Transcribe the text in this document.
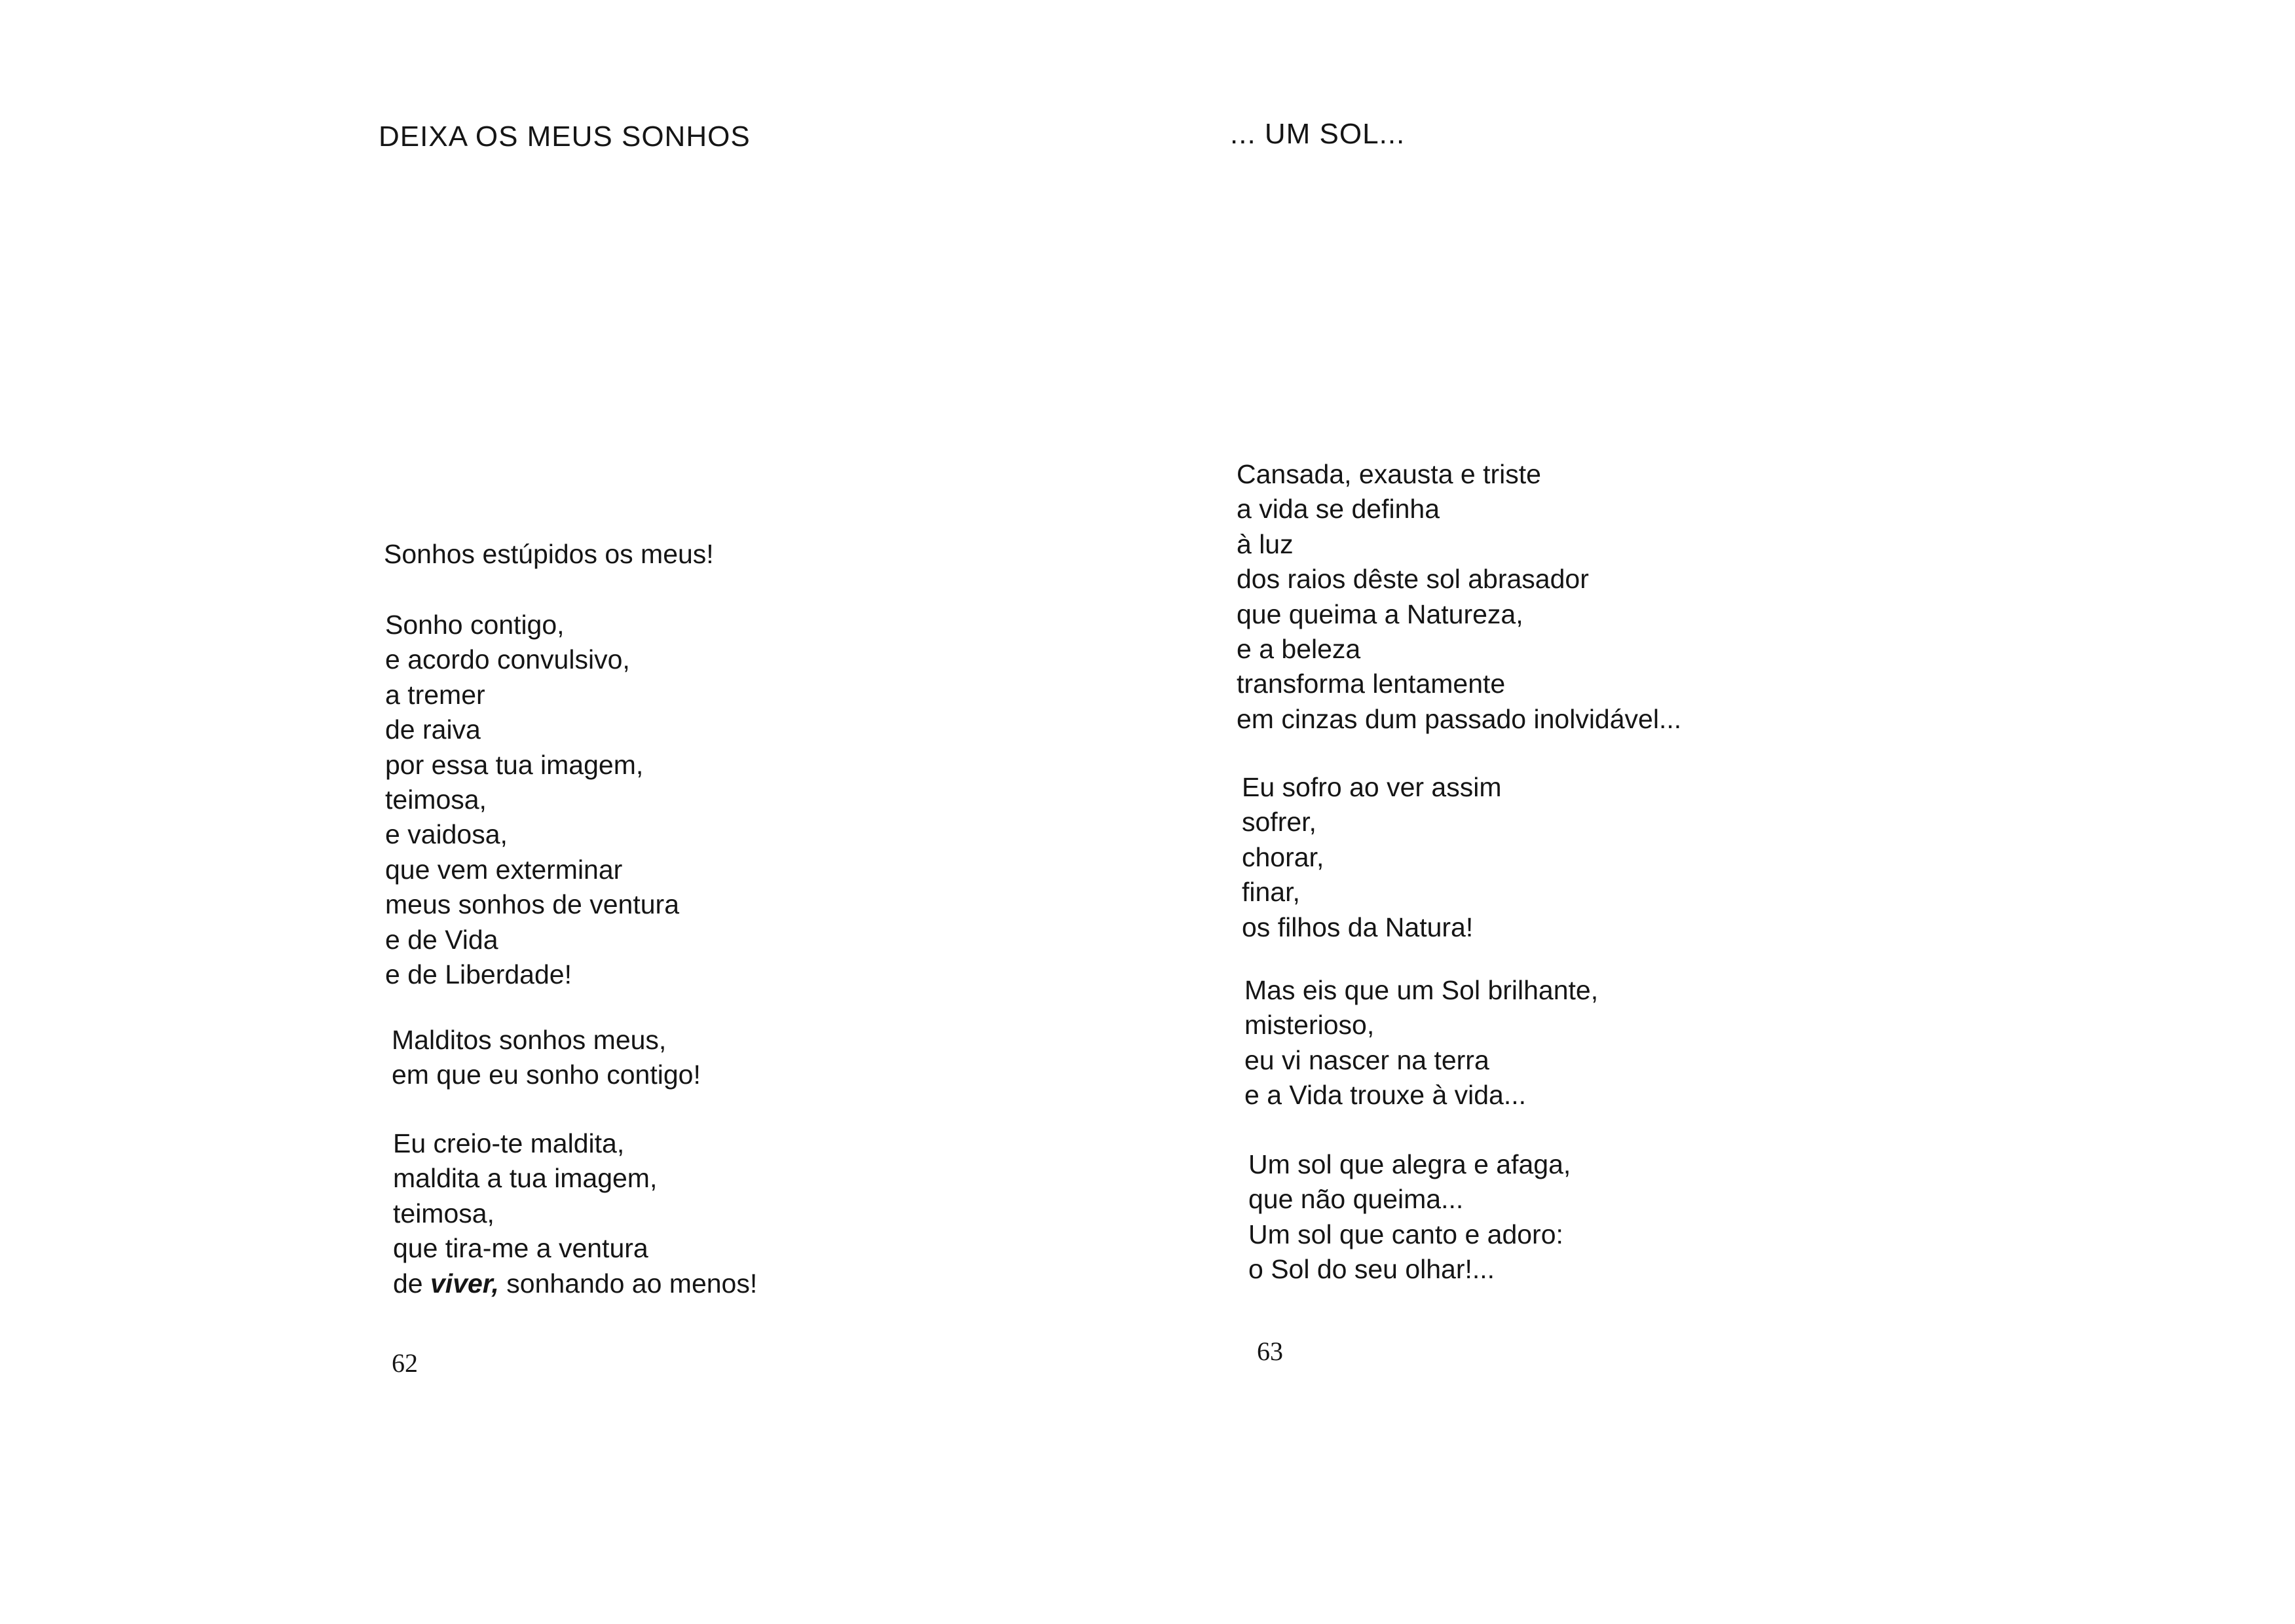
DEIXA OS MEUS SONHOS

Sonhos estúpidos os meus!

Sonho contigo,
e acordo convulsivo,
a tremer
de raiva
por essa tua imagem,
teimosa,
e vaidosa,
que vem exterminar
meus sonhos de ventura
e de Vida
e de Liberdade!

Malditos sonhos meus,
em que eu sonho contigo!

Eu creio-te maldita,
maldita a tua imagem,
teimosa,
que tira-me a ventura
de viver, sonhando ao menos!

62

... UM SOL...

Cansada, exausta e triste
a vida se definha
à luz
dos raios dêste sol abrasador
que queima a Natureza,
e a beleza
transforma lentamente
em cinzas dum passado inolvidável...

Eu sofro ao ver assim
sofrer,
chorar,
finar,
os filhos da Natura!

Mas eis que um Sol brilhante,
misterioso,
eu vi nascer na terra
e a Vida trouxe à vida...

Um sol que alegra e afaga,
que não queima...
Um sol que canto e adoro:
o Sol do seu olhar!...

63
